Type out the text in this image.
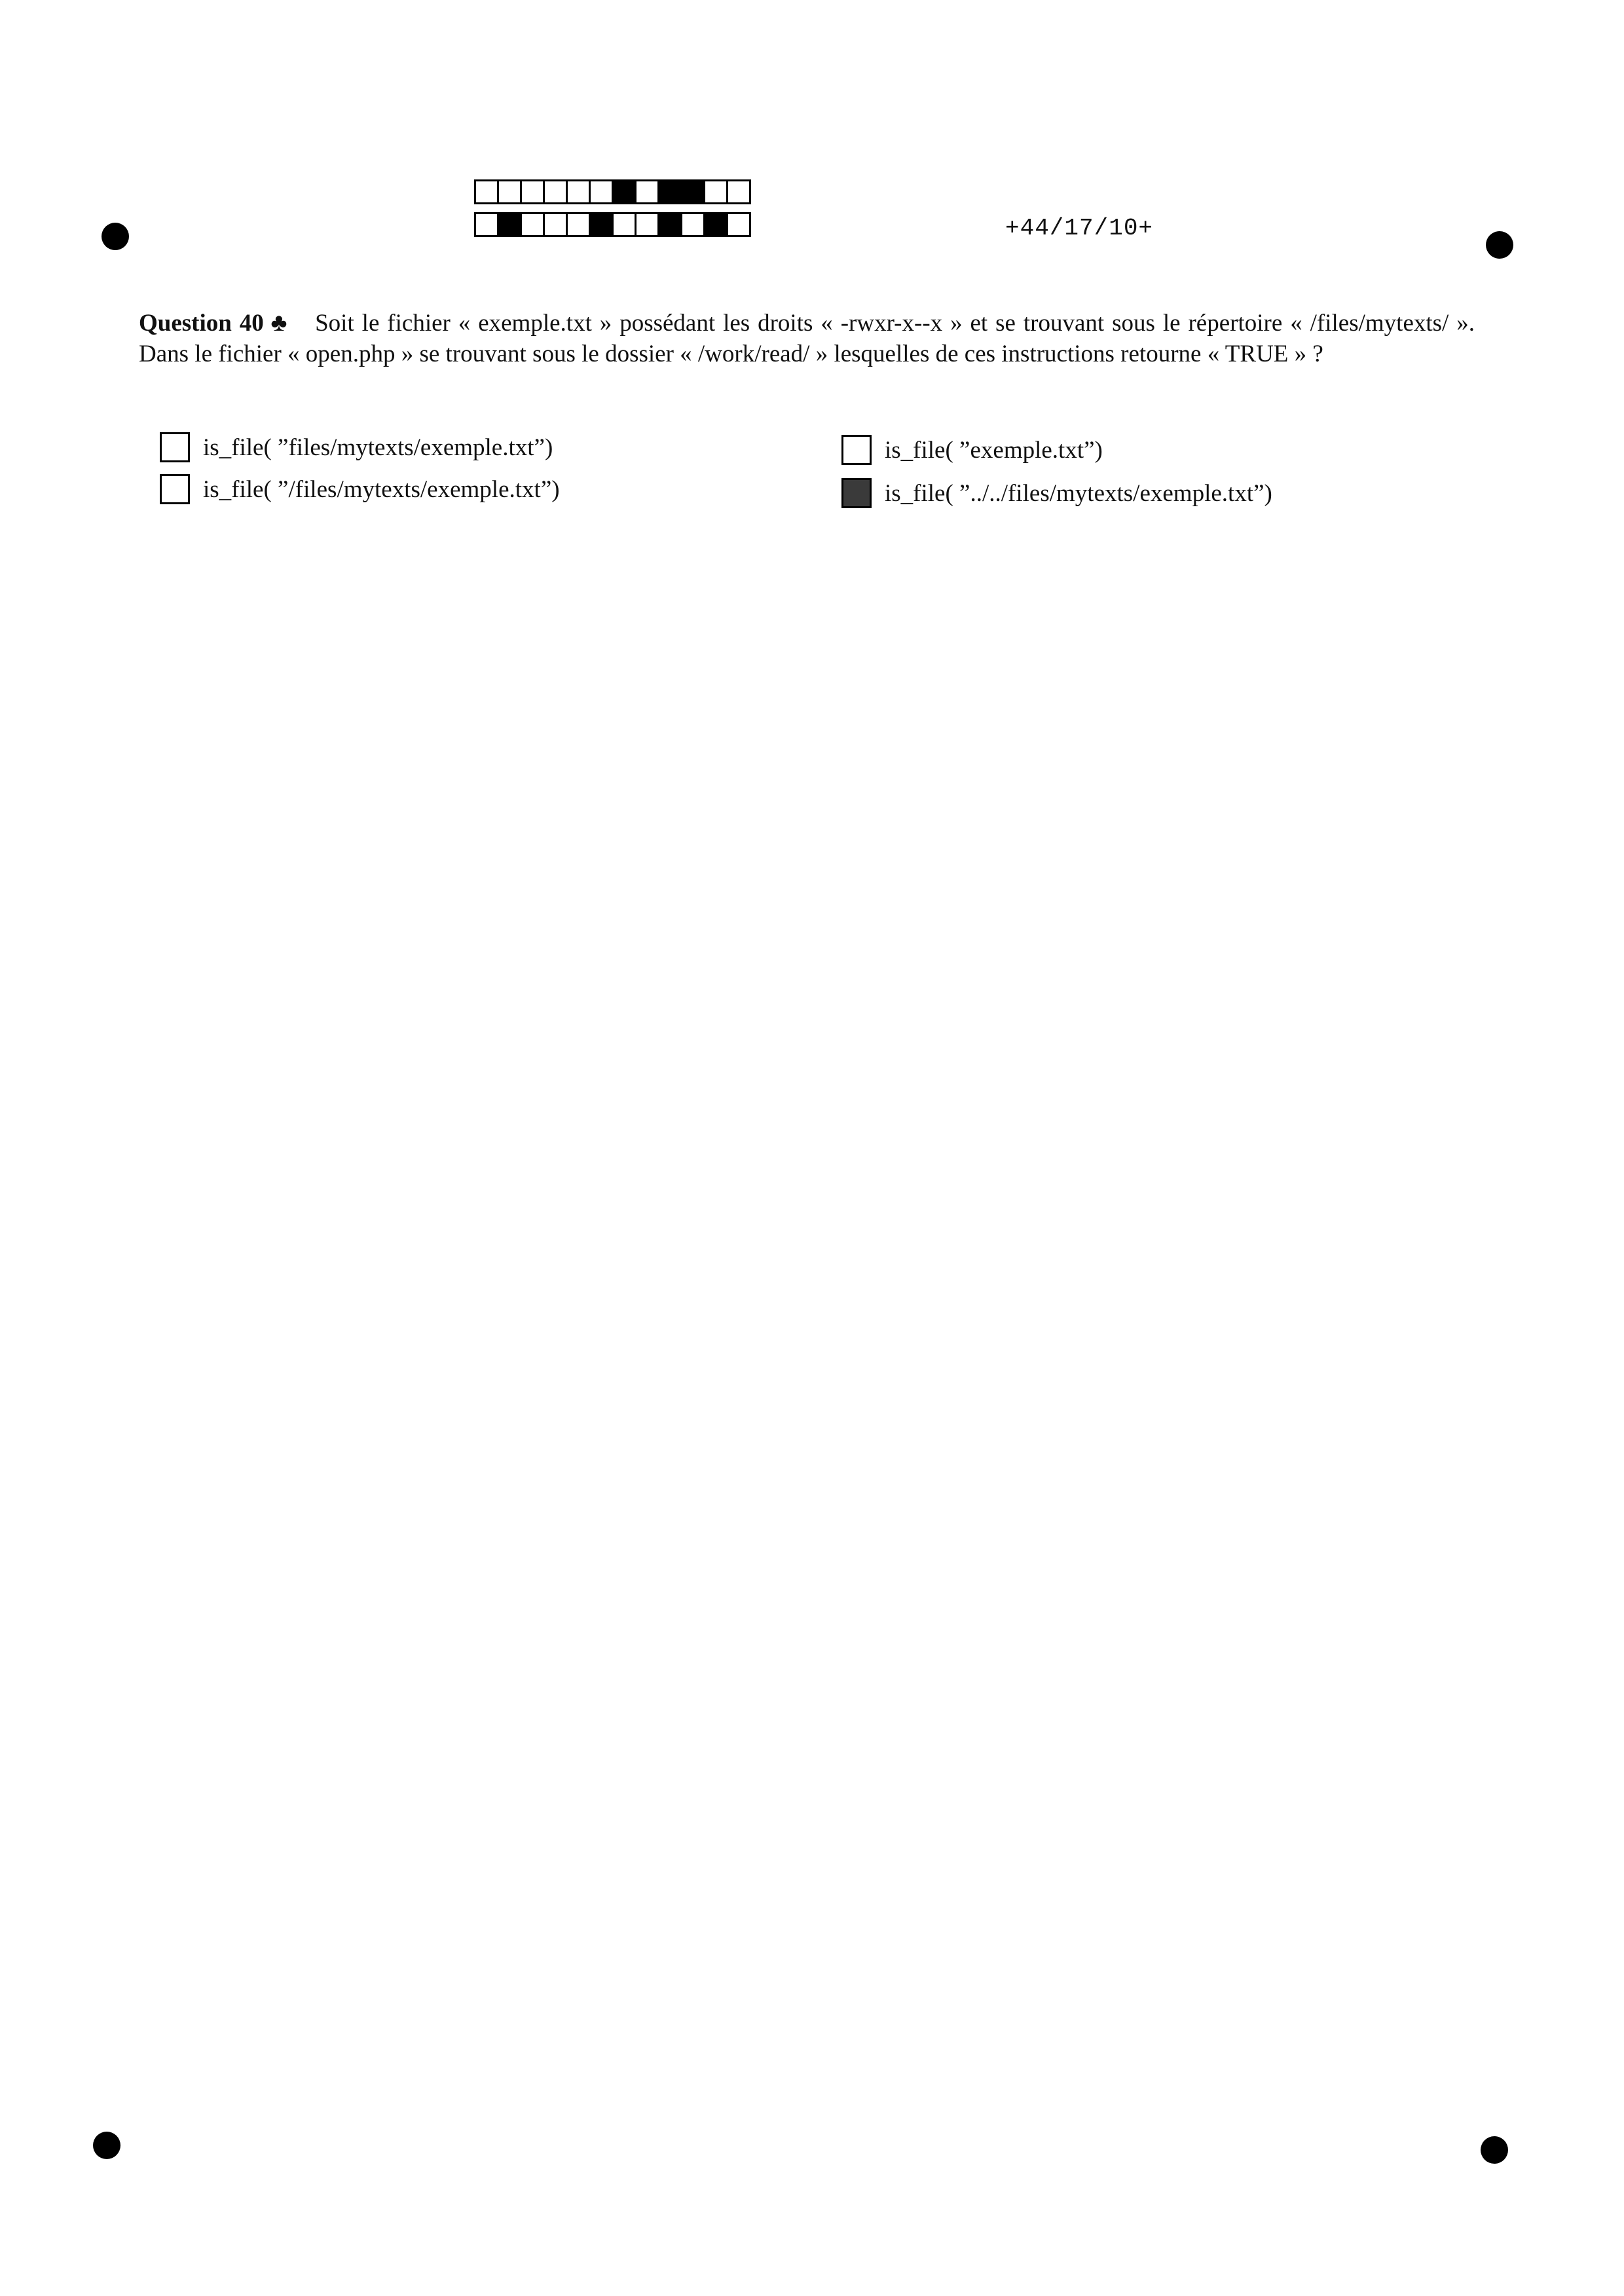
+44/17/10+
Question 40 ♣ Soit le fichier « exemple.txt » possédant les droits « -rwxr-x--x » et se trouvant sous le répertoire « /files/mytexts/ ». Dans le fichier « open.php » se trouvant sous le dossier « /work/read/ » lesquelles de ces instructions retourne « TRUE » ?
is_file( ”files/mytexts/exemple.txt”)
is_file( ”/files/mytexts/exemple.txt”)
is_file( ”exemple.txt”)
is_file( ”../../files/mytexts/exemple.txt”)
